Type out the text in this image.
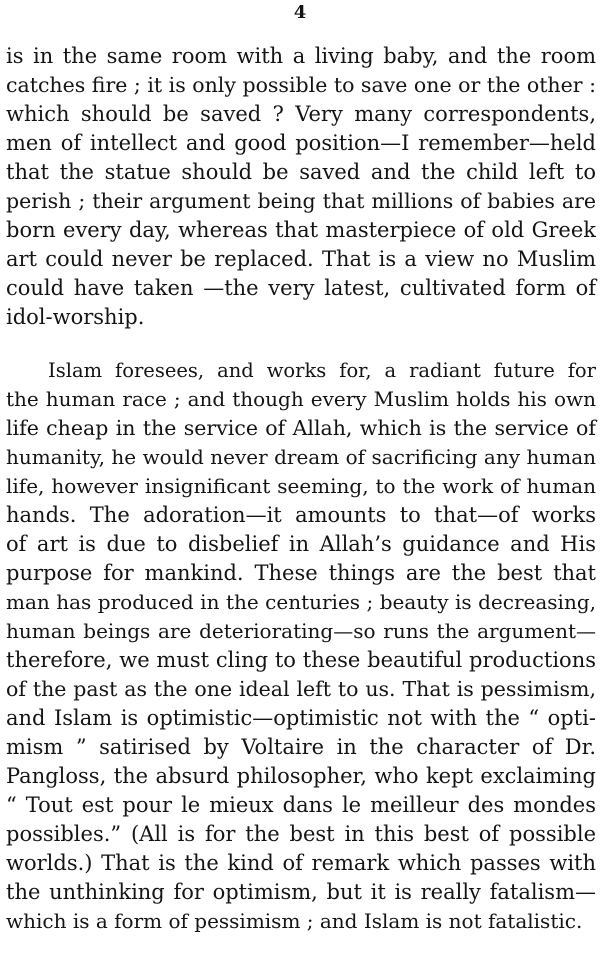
4
is in the same room with a living baby, and the room
catches fire ; it is only possible to save one or the other :
which should be saved ? Very many correspondents,
men of intellect and good position—I remember—held
that the statue should be saved and the child left to
perish ; their argument being that millions of babies are
born every day, whereas that masterpiece of old Greek
art could never be replaced. That is a view no Muslim
could have taken —the very latest, cultivated form of
idol-worship.
Islam foresees, and works for, a radiant future for
the human race ; and though every Muslim holds his own
life cheap in the service of Allah, which is the service of
humanity, he would never dream of sacrificing any human
life, however insignificant seeming, to the work of human
hands. The adoration—it amounts to that—of works
of art is due to disbelief in Allah’s guidance and His
purpose for mankind. These things are the best that
man has produced in the centuries ; beauty is decreasing,
human beings are deteriorating—so runs the argument—
therefore, we must cling to these beautiful productions
of the past as the one ideal left to us. That is pessimism,
and Islam is optimistic—optimistic not with the “ opti-
mism ” satirised by Voltaire in the character of Dr.
Pangloss, the absurd philosopher, who kept exclaiming
“ Tout est pour le mieux dans le meilleur des mondes
possibles.” (All is for the best in this best of possible
worlds.) That is the kind of remark which passes with
the unthinking for optimism, but it is really fatalism—
which is a form of pessimism ; and Islam is not fatalistic.
